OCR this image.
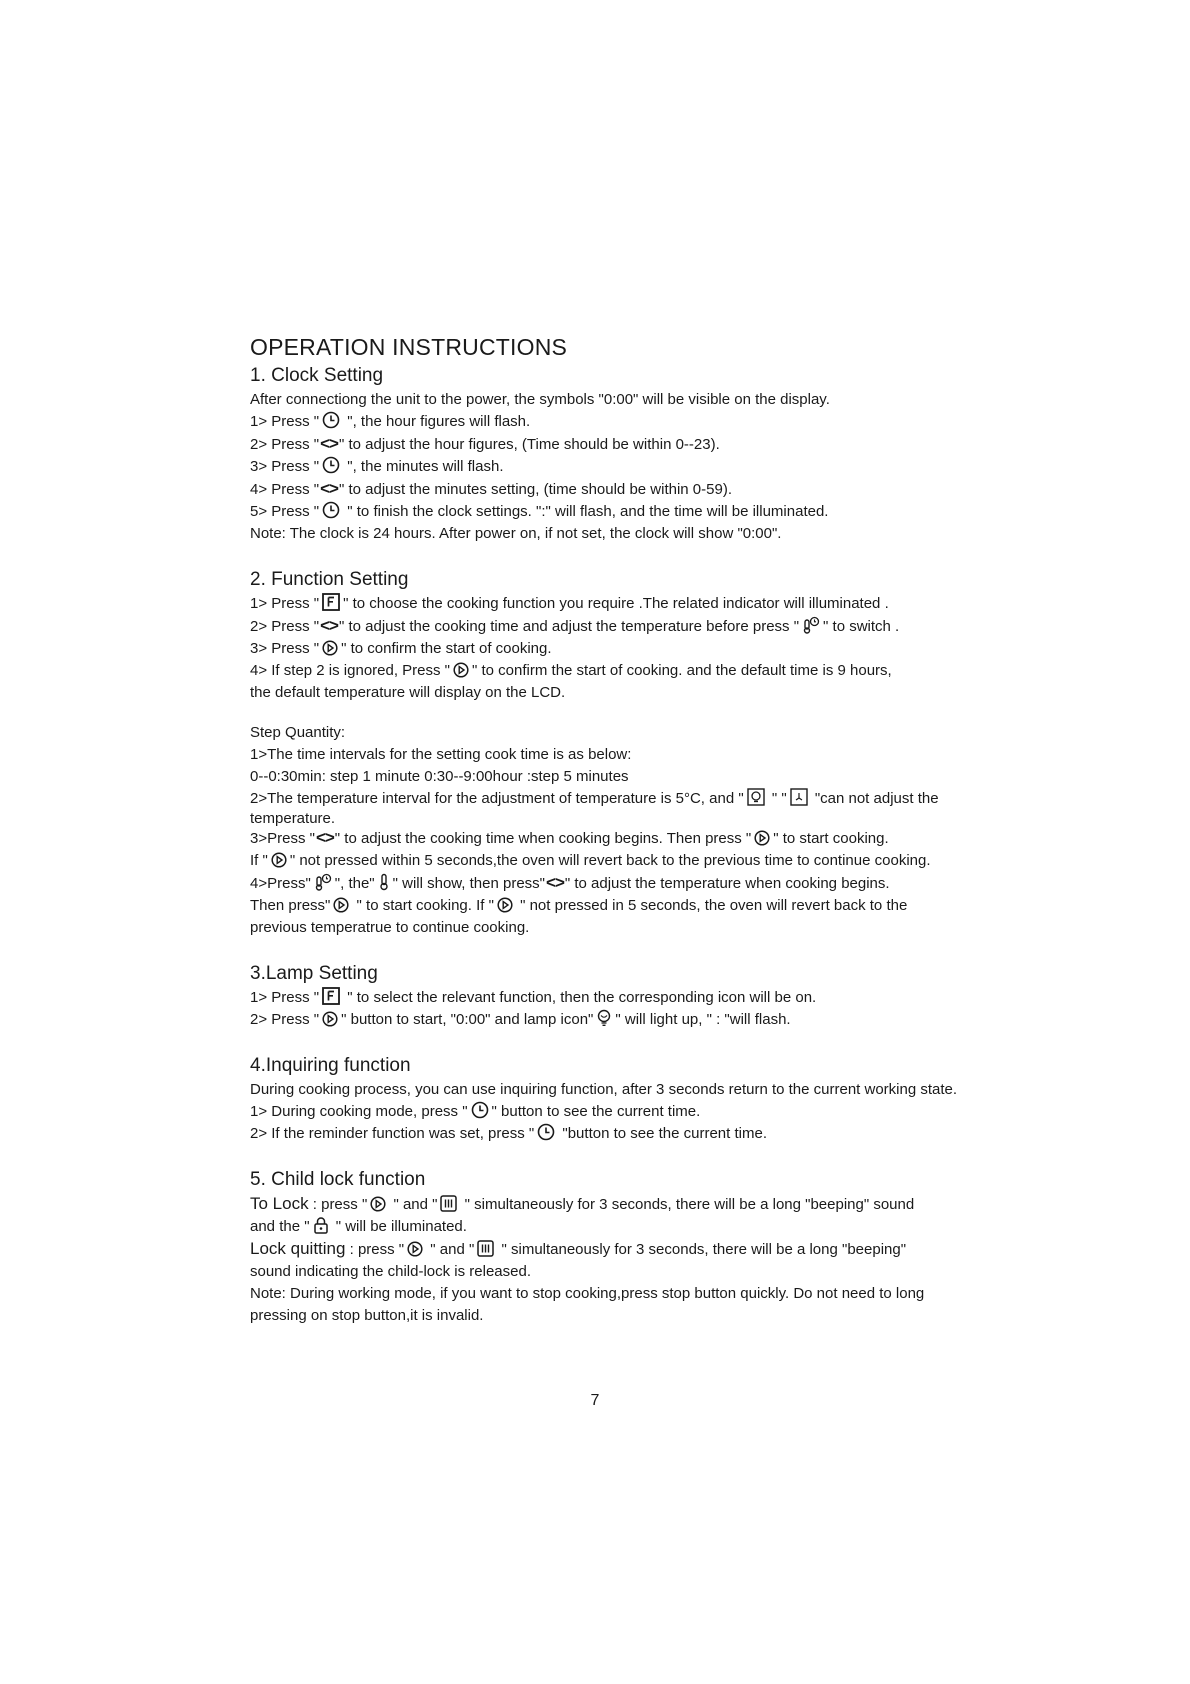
OPERATION INSTRUCTIONS
1. Clock Setting

After connectiong the unit to the power, the symbols "0:00" will be visible on the display.

1> Press "
", the hour figures will flash.

2> Press "<>" to adjust the hour figures, (Time should be within 0--23).

3> Press "
", the minutes will flash.

4> Press "<>" to adjust the minutes setting, (time should be within 0-59).

5> Press "
" to finish the clock settings. ":" will flash, and the time will be illuminated.

Note: The clock is 24 hours. After power on, if not set, the clock will show "0:00".

2. Function Setting

1> Press " " to choose the cooking function you require .The related indicator will illuminated .

2> Press "<>" to adjust the cooking time and adjust the temperature before press " " to switch .

3> Press " " to confirm the start of cooking.

4> If step 2 is ignored, Press " " to confirm the start of cooking. and the default time is 9 hours,

the default temperature will display on the LCD.

Step Quantity:

1>The time intervals for the setting cook time is as below:

0--0:30min: step 1 minute 0:30--9:00hour :step 5 minutes

2>The temperature interval for the adjustment of temperature is 5°C, and "
" "
"can not adjust the

temperature.

3>Press "<>" to adjust the cooking time when cooking begins. Then press " " to start cooking.

If " " not pressed within 5 seconds,the oven will revert back to the previous time to continue cooking.

4>Press" ", the" " will show, then press"<>" to adjust the temperature when cooking begins.

Then press"
" to start cooking. If "
" not pressed in 5 seconds, the oven will revert back to the

previous temperatrue to continue cooking.

3.Lamp Setting

1> Press "
" to select the relevant function, then the corresponding icon will be on.

2> Press " " button to start, "0:00" and lamp icon" " will light up, " : "will flash.

4.Inquiring function

During cooking process, you can use inquiring function, after 3 seconds return to the current working state.

1> During cooking mode, press " " button to see the current time.

2> If the reminder function was set, press "
"button to see the current time.

5. Child lock function

To Lock : press "
" and "
" simultaneously for 3 seconds, there will be a long "beeping" sound

and the "
" will be illuminated.

Lock quitting : press "
" and "
" simultaneously for 3 seconds, there will be a long "beeping"

sound indicating the child-lock is released.

Note: During working mode, if you want to stop cooking,press stop button quickly. Do not need to long

pressing on stop button,it is invalid.

7
